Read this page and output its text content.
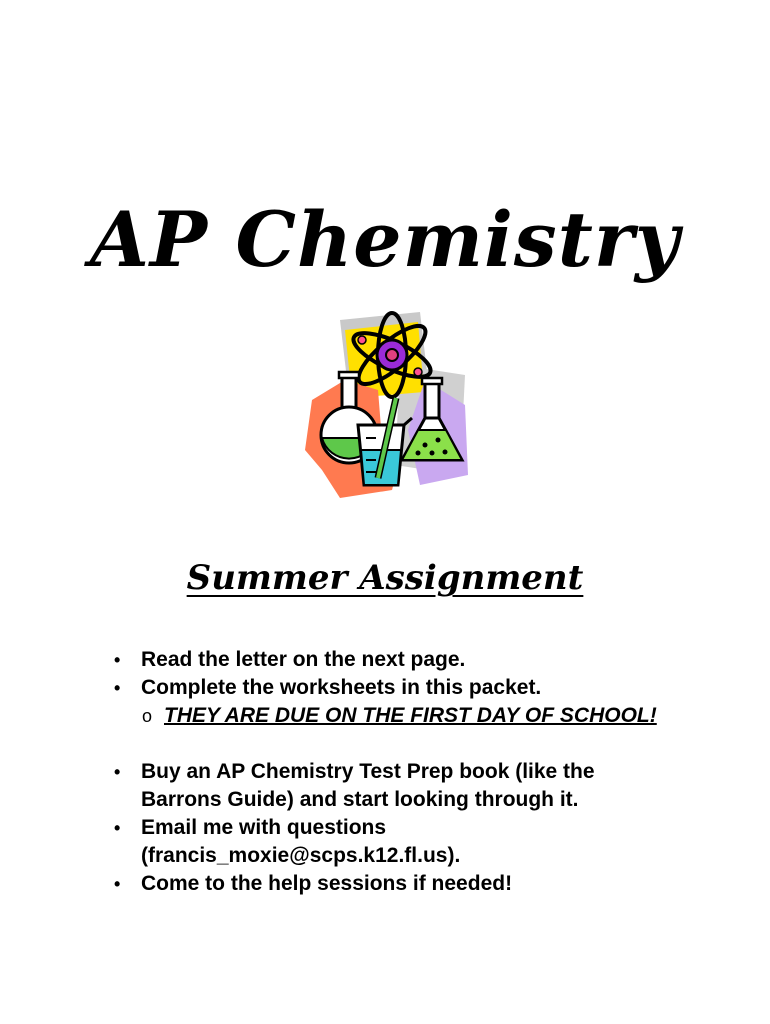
AP Chemistry
Summer Assignment
• Read the letter on the next page.
• Complete the worksheets in this packet.
o THEY ARE DUE ON THE FIRST DAY OF SCHOOL!
• Buy an AP Chemistry Test Prep book (like the
Barrons Guide) and start looking through it.
• Email me with questions
(francis_moxie@scps.k12.fl.us).
• Come to the help sessions if needed!
